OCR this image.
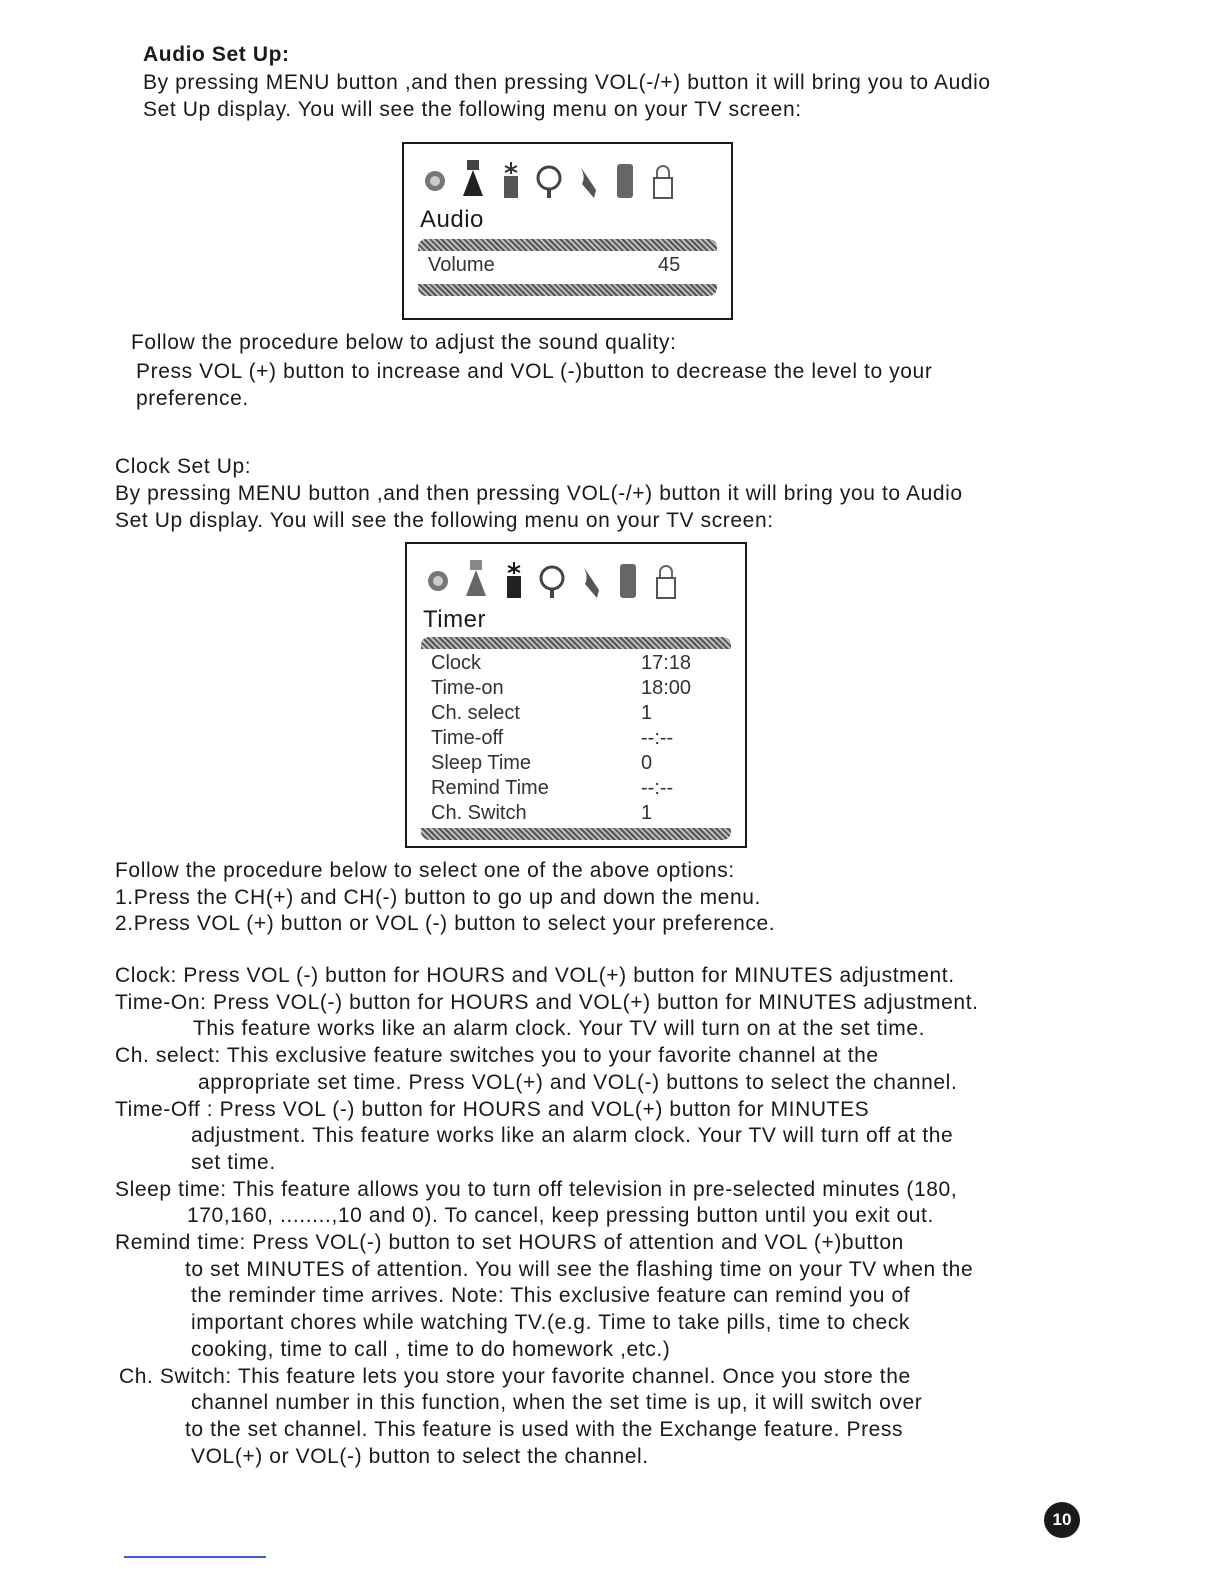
Audio Set Up:
By pressing MENU button ,and then pressing VOL(-/+) button it will bring you to Audio
Set Up display. You will see the following menu on your TV screen:
Audio
Volume	45
Follow the procedure below to adjust the sound quality:
Press VOL (+) button to increase and VOL (-)button to decrease the level to your
preference.
Clock Set Up:
By pressing MENU button ,and then pressing VOL(-/+) button it will bring you to Audio
Set Up display. You will see the following menu on your TV screen:
Timer
Clock	17:18
Time-on	18:00
Ch. select	1
Time-off	--:--
Sleep Time	0
Remind Time	--:--
Ch. Switch	1
Follow the procedure below to select one of the above options:
1.Press the CH(+) and CH(-) button to go up and down the menu.
2.Press VOL (+) button or VOL (-) button to select your preference.
Clock: Press VOL (-) button for HOURS and VOL(+) button for MINUTES adjustment.
Time-On: Press VOL(-) button for HOURS and VOL(+) button for MINUTES adjustment.
This feature works like an alarm clock. Your TV will turn on at the set time.
Ch. select: This exclusive feature switches you to your favorite channel at the
appropriate set time. Press VOL(+) and VOL(-) buttons to select the channel.
Time-Off : Press VOL (-) button for HOURS and VOL(+) button for MINUTES
adjustment. This feature works like an alarm clock. Your TV will turn off at the
set time.
Sleep time: This feature allows you to turn off television in pre-selected minutes (180,
170,160, ........,10 and 0). To cancel, keep pressing button until you exit out.
Remind time: Press VOL(-) button to set HOURS of attention and VOL (+)button
to set MINUTES of attention. You will see the flashing time on your TV when the
the reminder time arrives. Note: This exclusive feature can remind you of
important chores while watching TV.(e.g. Time to take pills, time to check
cooking, time to call , time to do homework ,etc.)
Ch. Switch: This feature lets you store your favorite channel. Once you store the
channel number in this function, when the set time is up, it will switch over
to the set channel. This feature is used with the Exchange feature. Press
VOL(+) or VOL(-) button to select the channel.
10
